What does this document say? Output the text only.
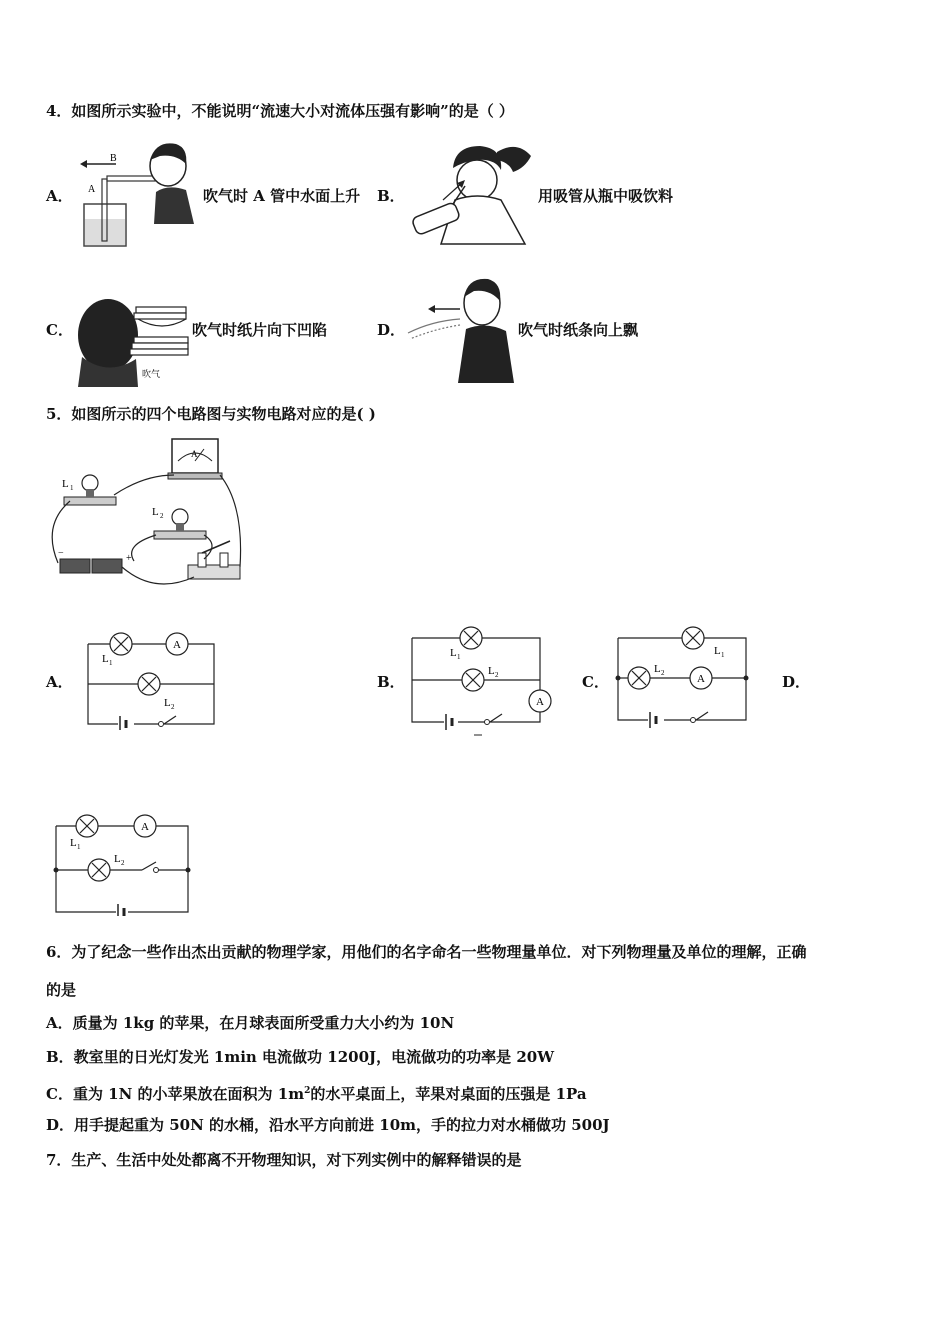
4．如图所示实验中，不能说明“流速大小对流体压强有影响”的是（ ）
A．
B
A	吹气时 A 管中水面上升 B．	用吸管从瓶中吸饮料
C．
吹气
吹气时纸片向下凹陷	D．	吹气时纸条向上飘
5．如图所示的四个电路图与实物电路对应的是( )
A
L 1
L 2
+
−
A．
A
L 1
L 2
B．
A
L 1
L 2	C．	A
L 1
L 2	D．
A
L 1
L 2
6．为了纪念一些作出杰出贡献的物理学家，用他们的名字命名一些物理量单位．对下列物理量及单位的理解，正确
的是
A．质量为 1kg 的苹果，在月球表面所受重力大小约为 10N
B．教室里的日光灯发光 1min 电流做功 1200J，电流做功的功率是 20W
C．重为 1N 的小苹果放在面积为 $1m^2$的水平桌面上，苹果对桌面的压强是 1Pa
D．用手提起重为 50N 的水桶，沿水平方向前进 10m，手的拉力对水桶做功 500J
7．生产、生活中处处都离不开物理知识，对下列实例中的解释错误的是
